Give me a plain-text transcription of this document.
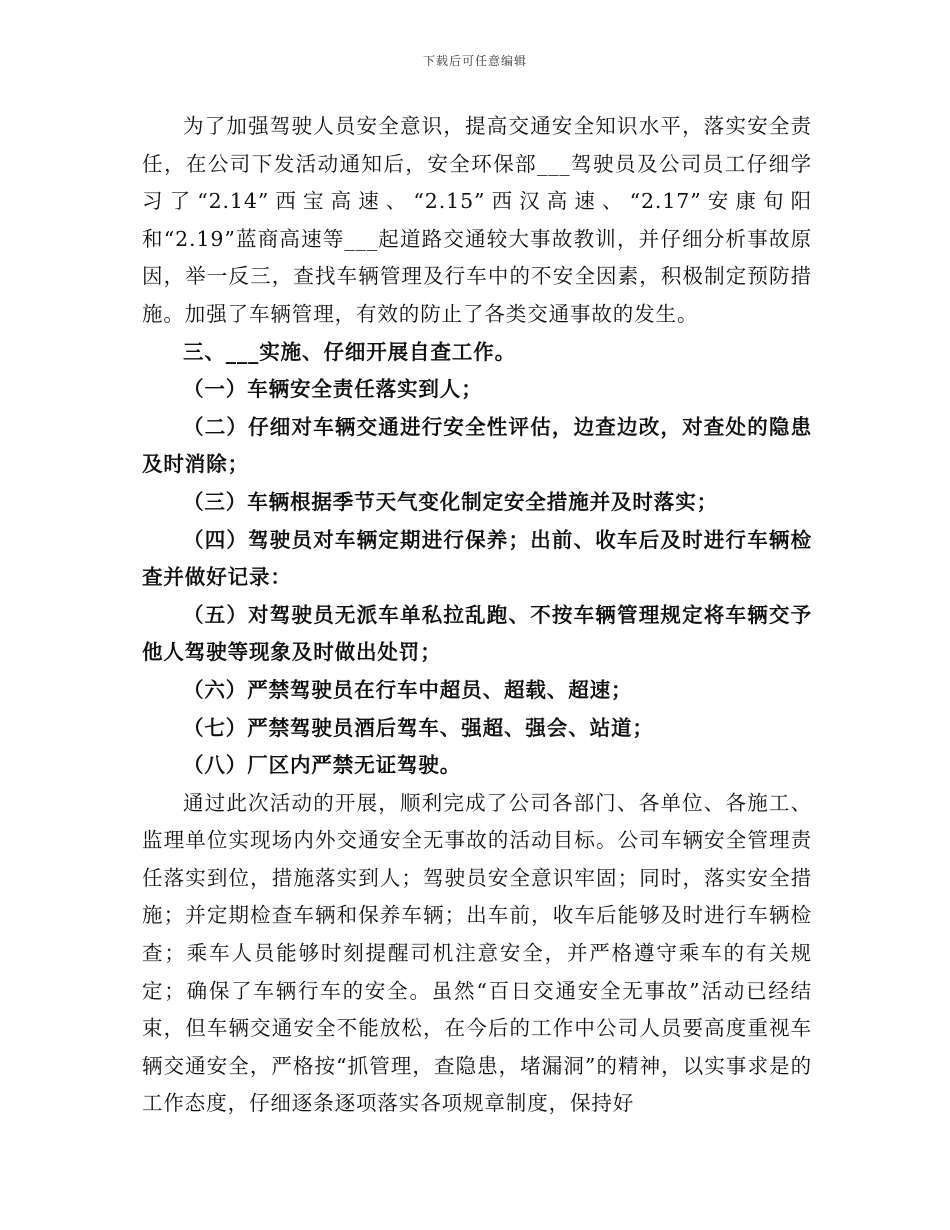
下载后可任意编辑

为了加强驾驶人员安全意识，提高交通安全知识水平，落实安全责任，在公司下发活动通知后，安全环保部___驾驶员及公司员工仔细学习了“2.14”西宝高速、“2.15”西汉高速、“2.17”安康旬阳和“2.19”蓝商高速等___起道路交通较大事故教训，并仔细分析事故原因，举一反三，查找车辆管理及行车中的不安全因素，积极制定预防措施。加强了车辆管理，有效的防止了各类交通事故的发生。

三、___实施、仔细开展自查工作。

（一）车辆安全责任落实到人；

（二）仔细对车辆交通进行安全性评估，边查边改，对查处的隐患及时消除；

（三）车辆根据季节天气变化制定安全措施并及时落实；

（四）驾驶员对车辆定期进行保养；出前、收车后及时进行车辆检查并做好记录：

（五）对驾驶员无派车单私拉乱跑、不按车辆管理规定将车辆交予他人驾驶等现象及时做出处罚；

（六）严禁驾驶员在行车中超员、超载、超速；

（七）严禁驾驶员酒后驾车、强超、强会、站道；

（八）厂区内严禁无证驾驶。

通过此次活动的开展，顺利完成了公司各部门、各单位、各施工、监理单位实现场内外交通安全无事故的活动目标。公司车辆安全管理责任落实到位，措施落实到人；驾驶员安全意识牢固；同时，落实安全措施；并定期检查车辆和保养车辆；出车前，收车后能够及时进行车辆检查；乘车人员能够时刻提醒司机注意安全，并严格遵守乘车的有关规定；确保了车辆行车的安全。虽然“百日交通安全无事故”活动已经结束，但车辆交通安全不能放松，在今后的工作中公司人员要高度重视车辆交通安全，严格按“抓管理，查隐患，堵漏洞”的精神，以实事求是的工作态度，仔细逐条逐项落实各项规章制度，保持好
